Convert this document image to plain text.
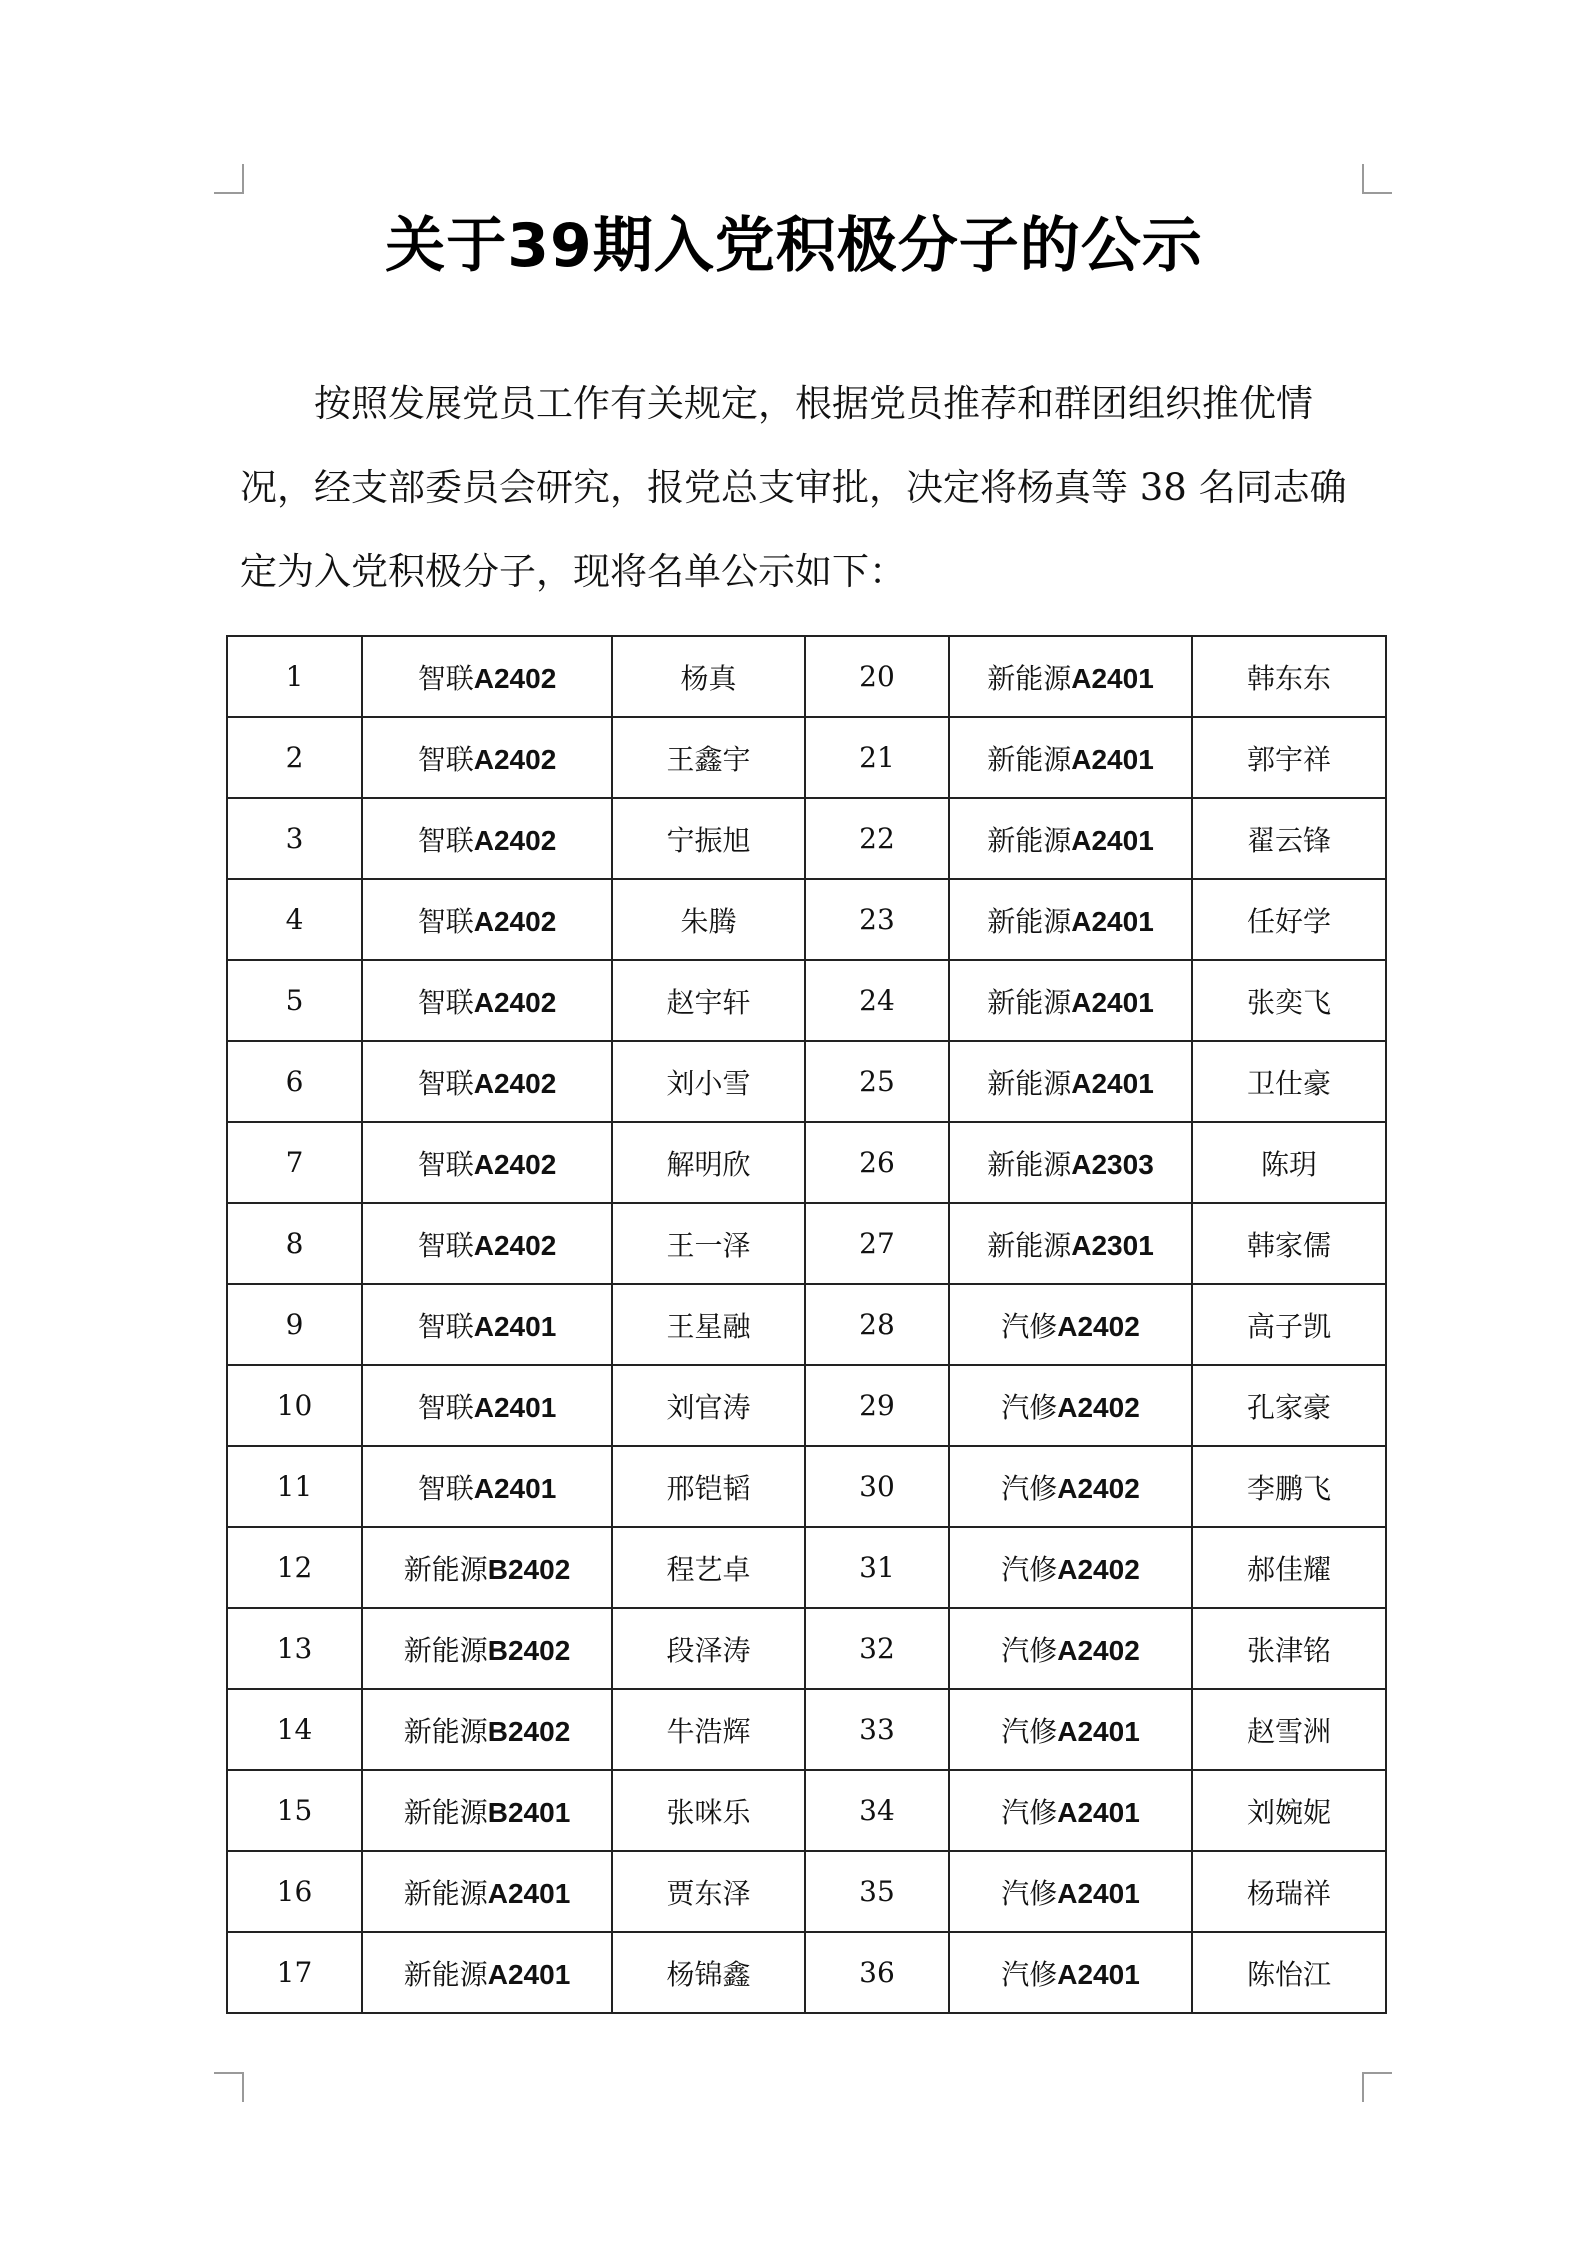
关于39期入党积极分子的公示

按照发展党员工作有关规定，根据党员推荐和群团组织推优情

况，经支部委员会研究，报党总支审批，决定将杨真等 38 名同志确

定为入党积极分子，现将名单公示如下：

1	智联A2402	杨真	20	新能源A2401	韩东东
2	智联A2402	王鑫宇	21	新能源A2401	郭宇祥
3	智联A2402	宁振旭	22	新能源A2401	翟云锋
4	智联A2402	朱腾	23	新能源A2401	任好学
5	智联A2402	赵宇轩	24	新能源A2401	张奕飞
6	智联A2402	刘小雪	25	新能源A2401	卫仕豪
7	智联A2402	解明欣	26	新能源A2303	陈玥
8	智联A2402	王一泽	27	新能源A2301	韩家儒
9	智联A2401	王星融	28	汽修A2402	高子凯
10	智联A2401	刘官涛	29	汽修A2402	孔家豪
11	智联A2401	邢铠韬	30	汽修A2402	李鹏飞
12	新能源B2402	程艺卓	31	汽修A2402	郝佳耀
13	新能源B2402	段泽涛	32	汽修A2402	张津铭
14	新能源B2402	牛浩辉	33	汽修A2401	赵雪洲
15	新能源B2401	张咪乐	34	汽修A2401	刘婉妮
16	新能源A2401	贾东泽	35	汽修A2401	杨瑞祥
17	新能源A2401	杨锦鑫	36	汽修A2401	陈怡江
